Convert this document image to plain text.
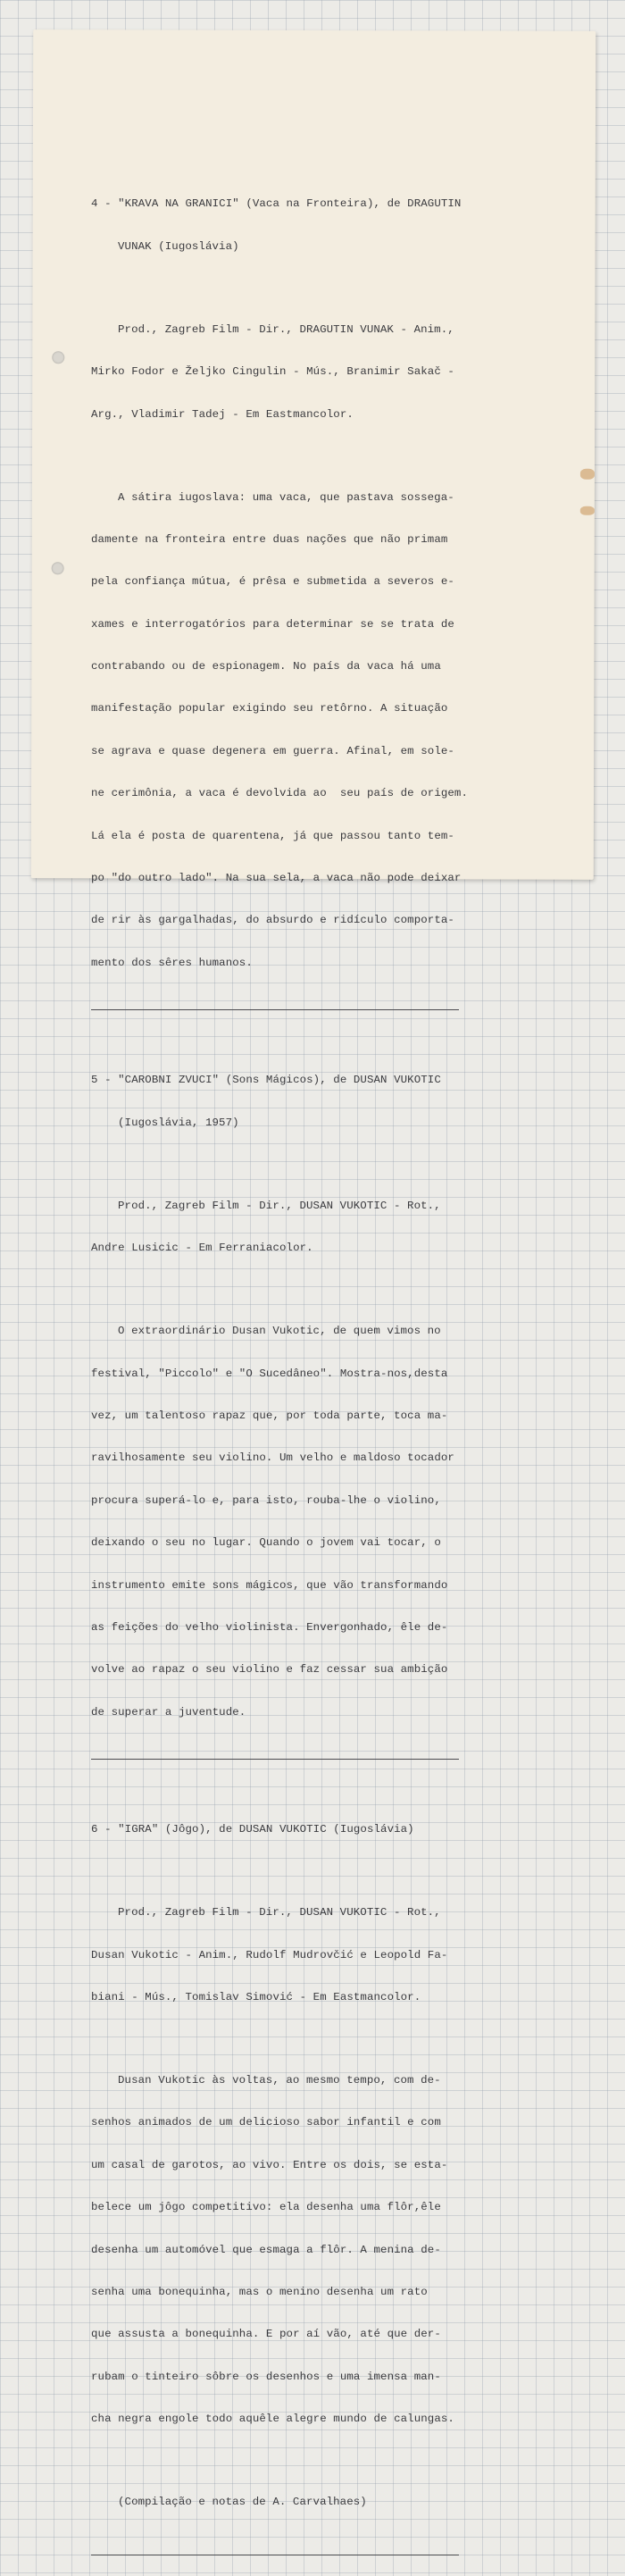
4 - "KRAVA NA GRANICI" (Vaca na Fronteira), de DRAGUTIN

VUNAK (Iugoslávia)

Prod., Zagreb Film - Dir., DRAGUTIN VUNAK - Anim.,

Mirko Fodor e Željko Cingulin - Mús., Branimir Sakač -

Arg., Vladimir Tadej - Em Eastmancolor.

A sátira iugoslava: uma vaca, que pastava sossega-

damente na fronteira entre duas nações que não primam

pela confiança mútua, é prêsa e submetida a severos e-

xames e interrogatórios para determinar se se trata de

contrabando ou de espionagem. No país da vaca há uma

manifestação popular exigindo seu retôrno. A situação

se agrava e quase degenera em guerra. Afinal, em sole-

ne cerimônia, a vaca é devolvida ao  seu país de origem.

Lá ela é posta de quarentena, já que passou tanto tem-

po "do outro lado". Na sua sela, a vaca não pode deixar

de rir às gargalhadas, do absurdo e ridículo comporta-

mento dos sêres humanos.

5 - "CAROBNI ZVUCI" (Sons Mágicos), de DUSAN VUKOTIC

(Iugoslávia, 1957)

Prod., Zagreb Film - Dir., DUSAN VUKOTIC - Rot.,

Andre Lusicic - Em Ferraniacolor.

O extraordinário Dusan Vukotic, de quem vimos no

festival, "Piccolo" e "O Sucedâneo". Mostra-nos,desta

vez, um talentoso rapaz que, por toda parte, toca ma-

ravilhosamente seu violino. Um velho e maldoso tocador

procura superá-lo e, para isto, rouba-lhe o violino,

deixando o seu no lugar. Quando o jovem vai tocar, o

instrumento emite sons mágicos, que vão transformando

as feições do velho violinista. Envergonhado, êle de-

volve ao rapaz o seu violino e faz cessar sua ambição

de superar a juventude.

6 - "IGRA" (Jôgo), de DUSAN VUKOTIC (Iugoslávia)

Prod., Zagreb Film - Dir., DUSAN VUKOTIC - Rot.,

Dusan Vukotic - Anim., Rudolf Mudrovčić e Leopold Fa-

biani - Mús., Tomislav Simović - Em Eastmancolor.

Dusan Vukotic às voltas, ao mesmo tempo, com de-

senhos animados de um delicioso sabor infantil e com

um casal de garotos, ao vivo. Entre os dois, se esta-

belece um jôgo competitivo: ela desenha uma flôr,êle

desenha um automóvel que esmaga a flôr. A menina de-

senha uma bonequinha, mas o menino desenha um rato

que assusta a bonequinha. E por aí vão, até que der-

rubam o tinteiro sôbre os desenhos e uma imensa man-

cha negra engole todo aquêle alegre mundo de calungas.

(Compilação e notas de A. Carvalhaes)
